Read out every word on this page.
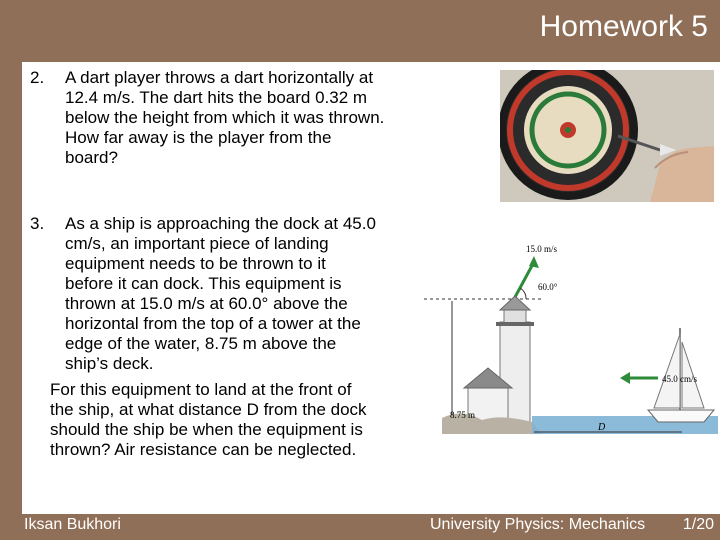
Homework 5
2. A dart player throws a dart horizontally at
12.4 m/s. The dart hits the board 0.32 m
below the height from which it was thrown.
How far away is the player from the
board?
3. As a ship is approaching the dock at 45.0
cm/s, an important piece of landing
equipment needs to be thrown to it
before it can dock. This equipment is
thrown at 15.0 m/s at 60.0° above the
horizontal from the top of a tower at the
edge of the water, 8.75 m above the
ship’s deck.
For this equipment to land at the front of
the ship, at what distance D from the dock
should the ship be when the equipment is
thrown? Air resistance can be neglected.
15.0 m/s
60.0°
45.0 cm/s
8.75 m
D
Iksan Bukhori	University Physics: Mechanics 1/20
